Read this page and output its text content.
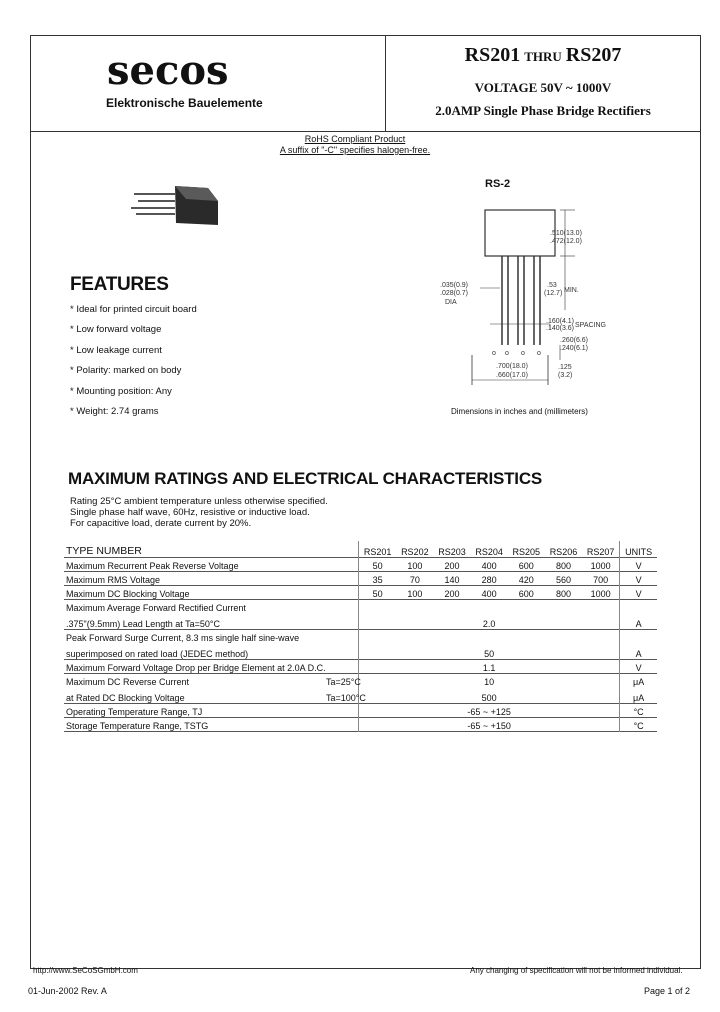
secos
Elektronische Bauelemente
RS201 THRU RS207
VOLTAGE 50V ~ 1000V
2.0AMP Single Phase Bridge Rectifiers
RoHS Compliant Product
A suffix of "-C" specifies halogen-free.
RS-2
o o o o
.510(13.0)
.472(12.0)
.035(0.9)
.028(0.7)
DIA
.53
(12.7) MIN.
.160(4.1)
.140(3.6) SPACING
.260(6.6)
.240(6.1)
.700(18.0)
.660(17.0)
.125
(3.2)
Dimensions in inches and (millimeters)
FEATURES
* Ideal for printed circuit board
* Low forward voltage
* Low leakage current
* Polarity: marked on body
* Mounting position: Any
* Weight: 2.74 grams
MAXIMUM RATINGS AND ELECTRICAL CHARACTERISTICS
Rating 25°C ambient temperature unless otherwise specified.
Single phase half wave, 60Hz, resistive or inductive load.
For capacitive load, derate current by 20%.
TYPE NUMBER	RS201	RS202	RS203	RS204	RS205	RS206	RS207	UNITS
Maximum Recurrent Peak Reverse Voltage	50	100	200	400	600	800	1000	V
Maximum RMS Voltage	35	70	140	280	420	560	700	V
Maximum DC Blocking Voltage	50	100	200	400	600	800	1000	V
Maximum Average Forward Rectified Current								
.375"(9.5mm) Lead Length at Ta=50°C	2.0							A
Peak Forward Surge Current, 8.3 ms single half sine-wave								
superimposed on rated load (JEDEC method)	50							A
Maximum Forward Voltage Drop per Bridge Element at 2.0A D.C.	1.1							V
Maximum DC Reverse Current Ta=25°C	10							μA
at Rated DC Blocking Voltage Ta=100°C	500							μA
Operating Temperature Range, TJ	-65 ~ +125							°C
Storage Temperature Range, TSTG	-65 ~ +150							°C
http://www.SeCoSGmbH.com	Any changing of specification will not be informed individual.
01-Jun-2002 Rev. A	Page 1 of 2
